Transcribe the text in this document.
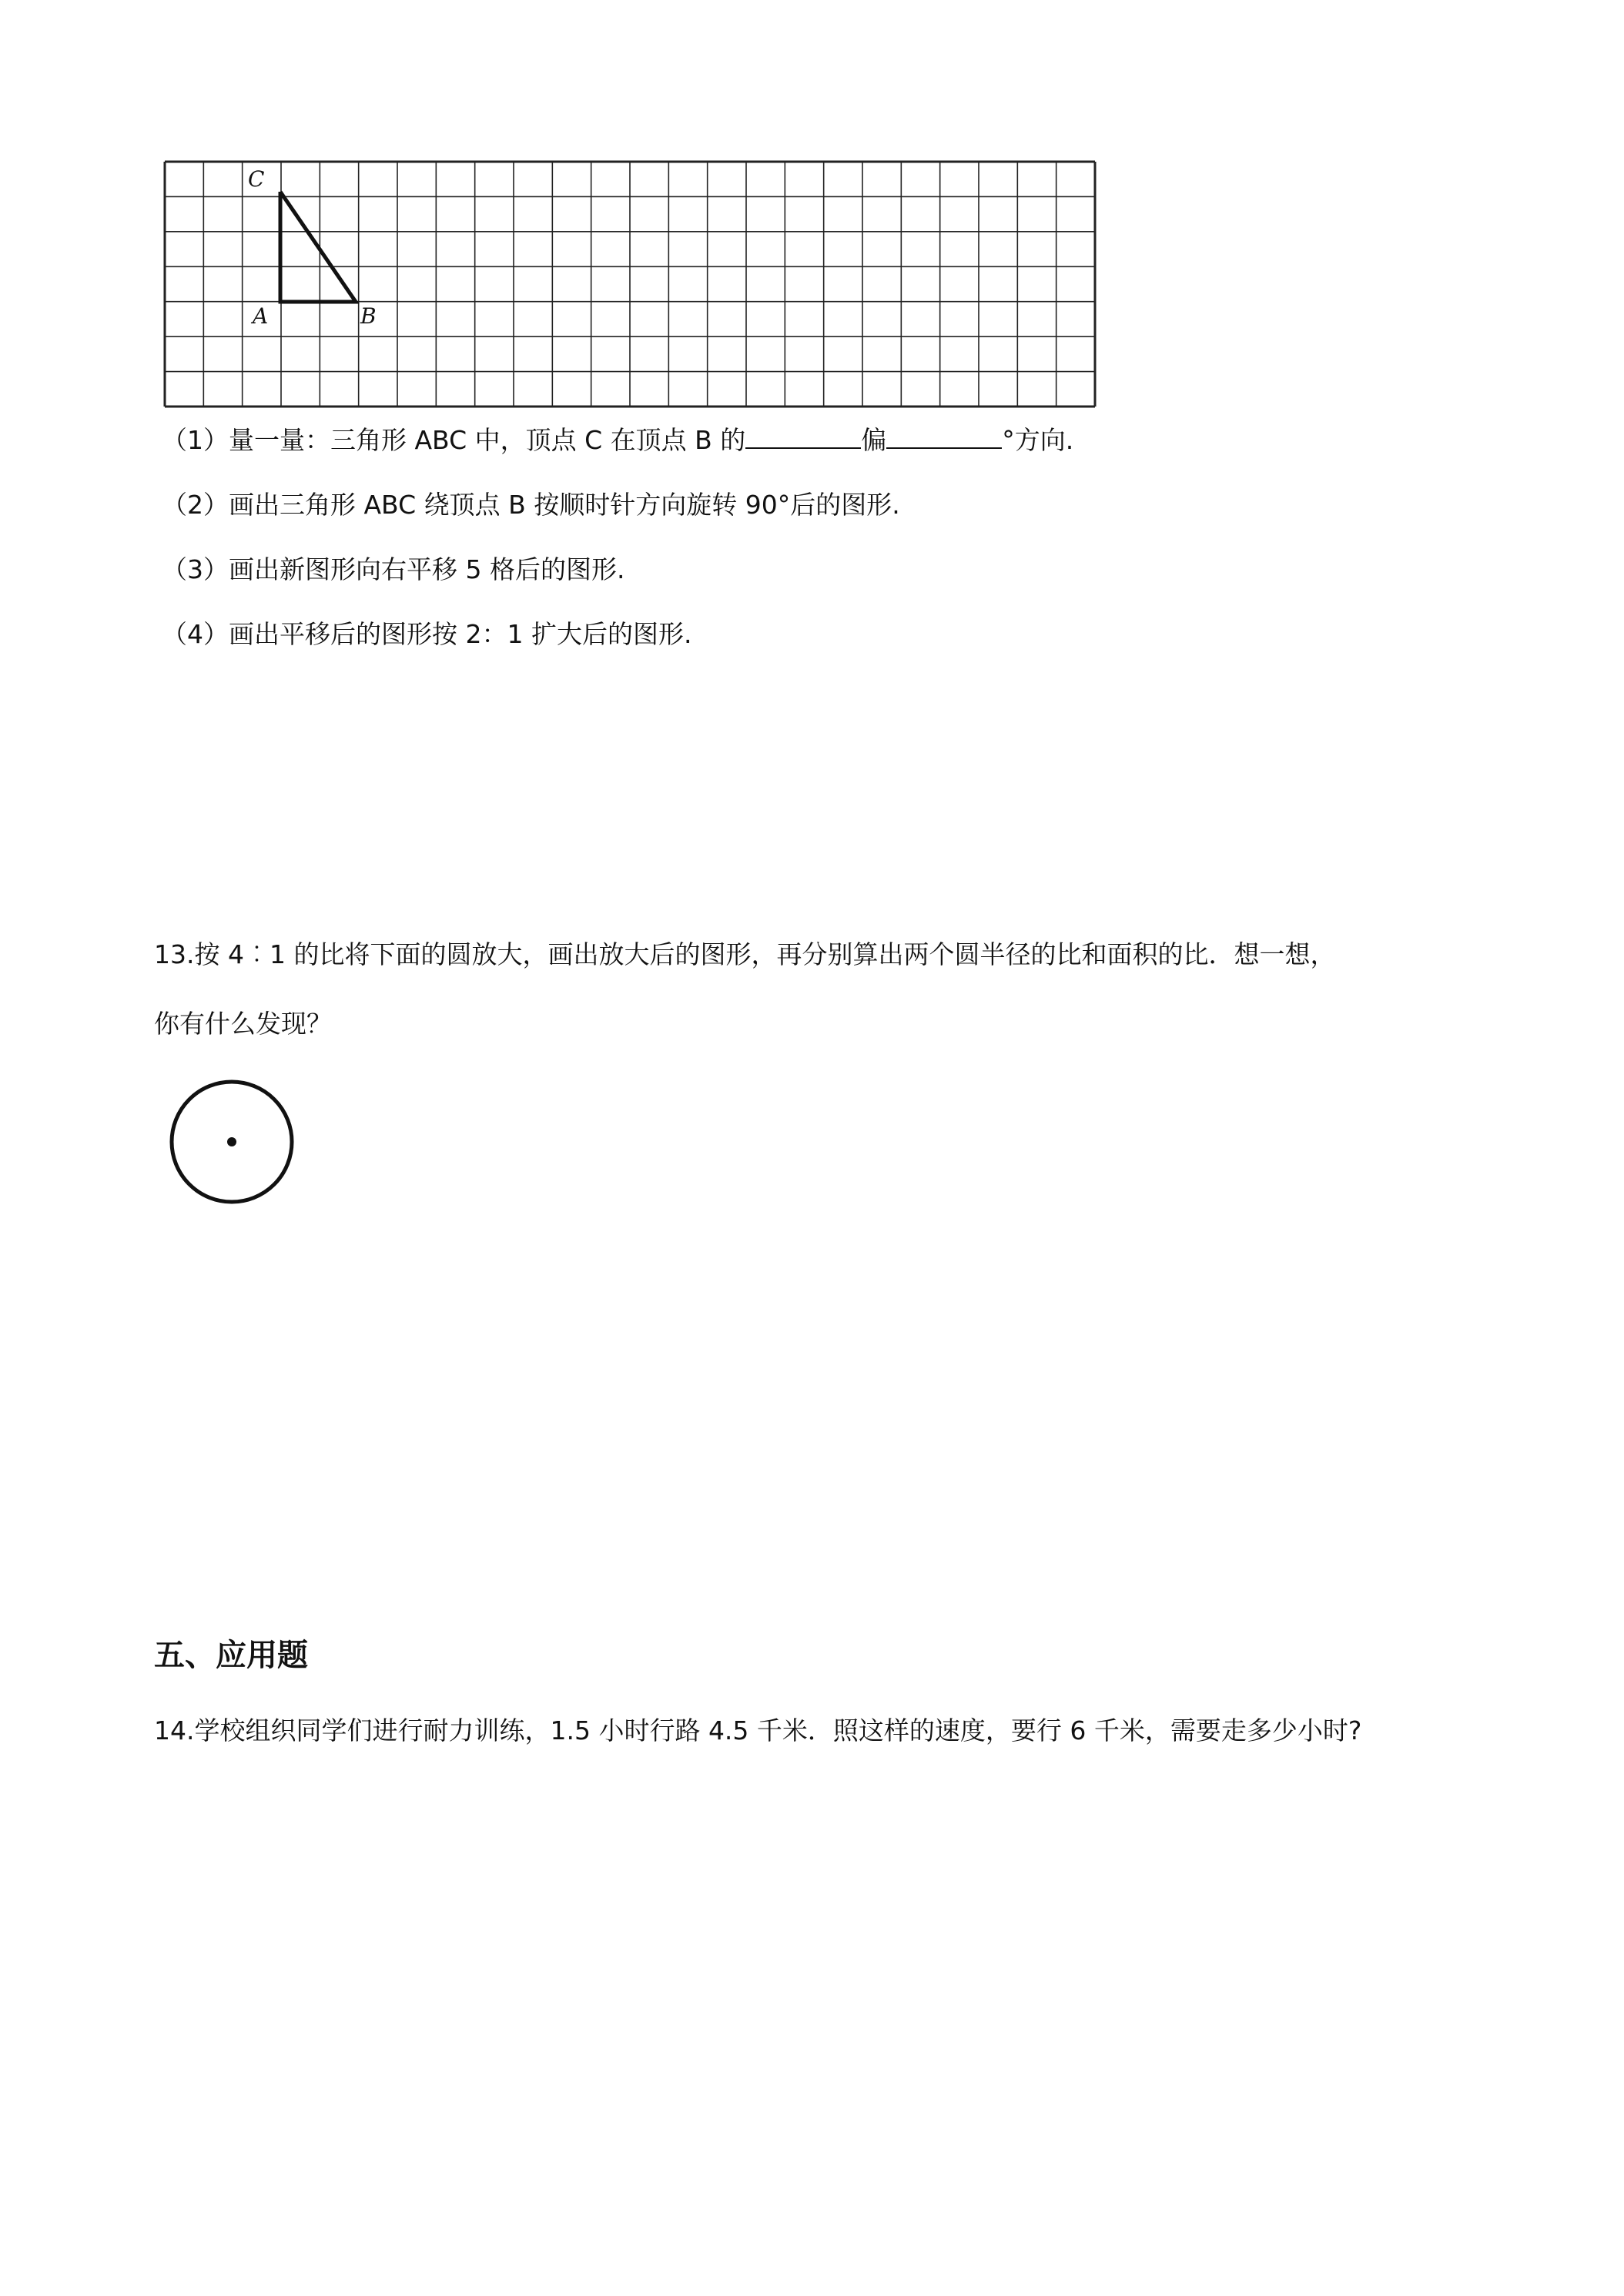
C
A	B
（1）量一量：三角形 ABC 中，顶点 C 在顶点 B 的	偏	°方向.
（2）画出三角形 ABC 绕顶点 B 按顺时针方向旋转 90°后的图形.
（3）画出新图形向右平移 5 格后的图形.
（4）画出平移后的图形按 2：1 扩大后的图形.
13.按 4︰1 的比将下面的圆放大，画出放大后的图形，再分别算出两个圆半径的比和面积的比．想一想，
你有什么发现？
五、应用题
14.学校组织同学们进行耐力训练，1.5 小时行路 4.5 千米．照这样的速度，要行 6 千米，需要走多少小时?
